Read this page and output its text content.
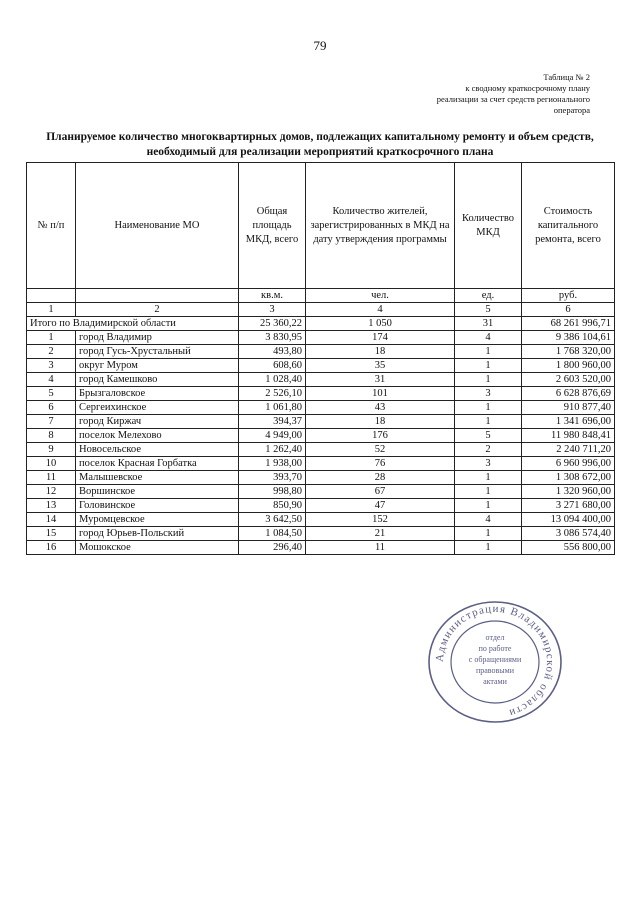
79
Таблица № 2
к сводному краткосрочному плану
реализации за счет средств регионального
оператора
Планируемое количество многоквартирных домов, подлежащих капитальному ремонту и объем средств,
необходимый для реализации мероприятий краткосрочного плана
№ п/п	Наименование МО	Общая площадь МКД, всего	Количество жителей, зарегистрированных в МКД на дату утверждения программы	Количество МКД	Стоимость капитального ремонта, всего
		кв.м.	чел.	ед.	руб.
1	2	3	4	5	6
Итого по Владимирской области		25 360,22	1 050	31	68 261 996,71
1	город Владимир	3 830,95	174	4	9 386 104,61
2	город Гусь-Хрустальный	493,80	18	1	1 768 320,00
3	округ Муром	608,60	35	1	1 800 960,00
4	город Камешково	1 028,40	31	1	2 603 520,00
5	Брызгаловское	2 526,10	101	3	6 628 876,69
6	Сергеихинское	1 061,80	43	1	910 877,40
7	город Киржач	394,37	18	1	1 341 696,00
8	поселок Мелехово	4 949,00	176	5	11 980 848,41
9	Новосельское	1 262,40	52	2	2 240 711,20
10	поселок Красная Горбатка	1 938,00	76	3	6 960 996,00
11	Малышевское	393,70	28	1	1 308 672,00
12	Воршинское	998,80	67	1	1 320 960,00
13	Головинское	850,90	47	1	3 271 680,00
14	Муромцевское	3 642,50	152	4	13 094 400,00
15	город Юрьев-Польский	1 084,50	21	1	3 086 574,40
16	Мошокское	296,40	11	1	556 800,00
Администрация Владимирской области
отдел
по работе
с обращениями
правовыми
актами
